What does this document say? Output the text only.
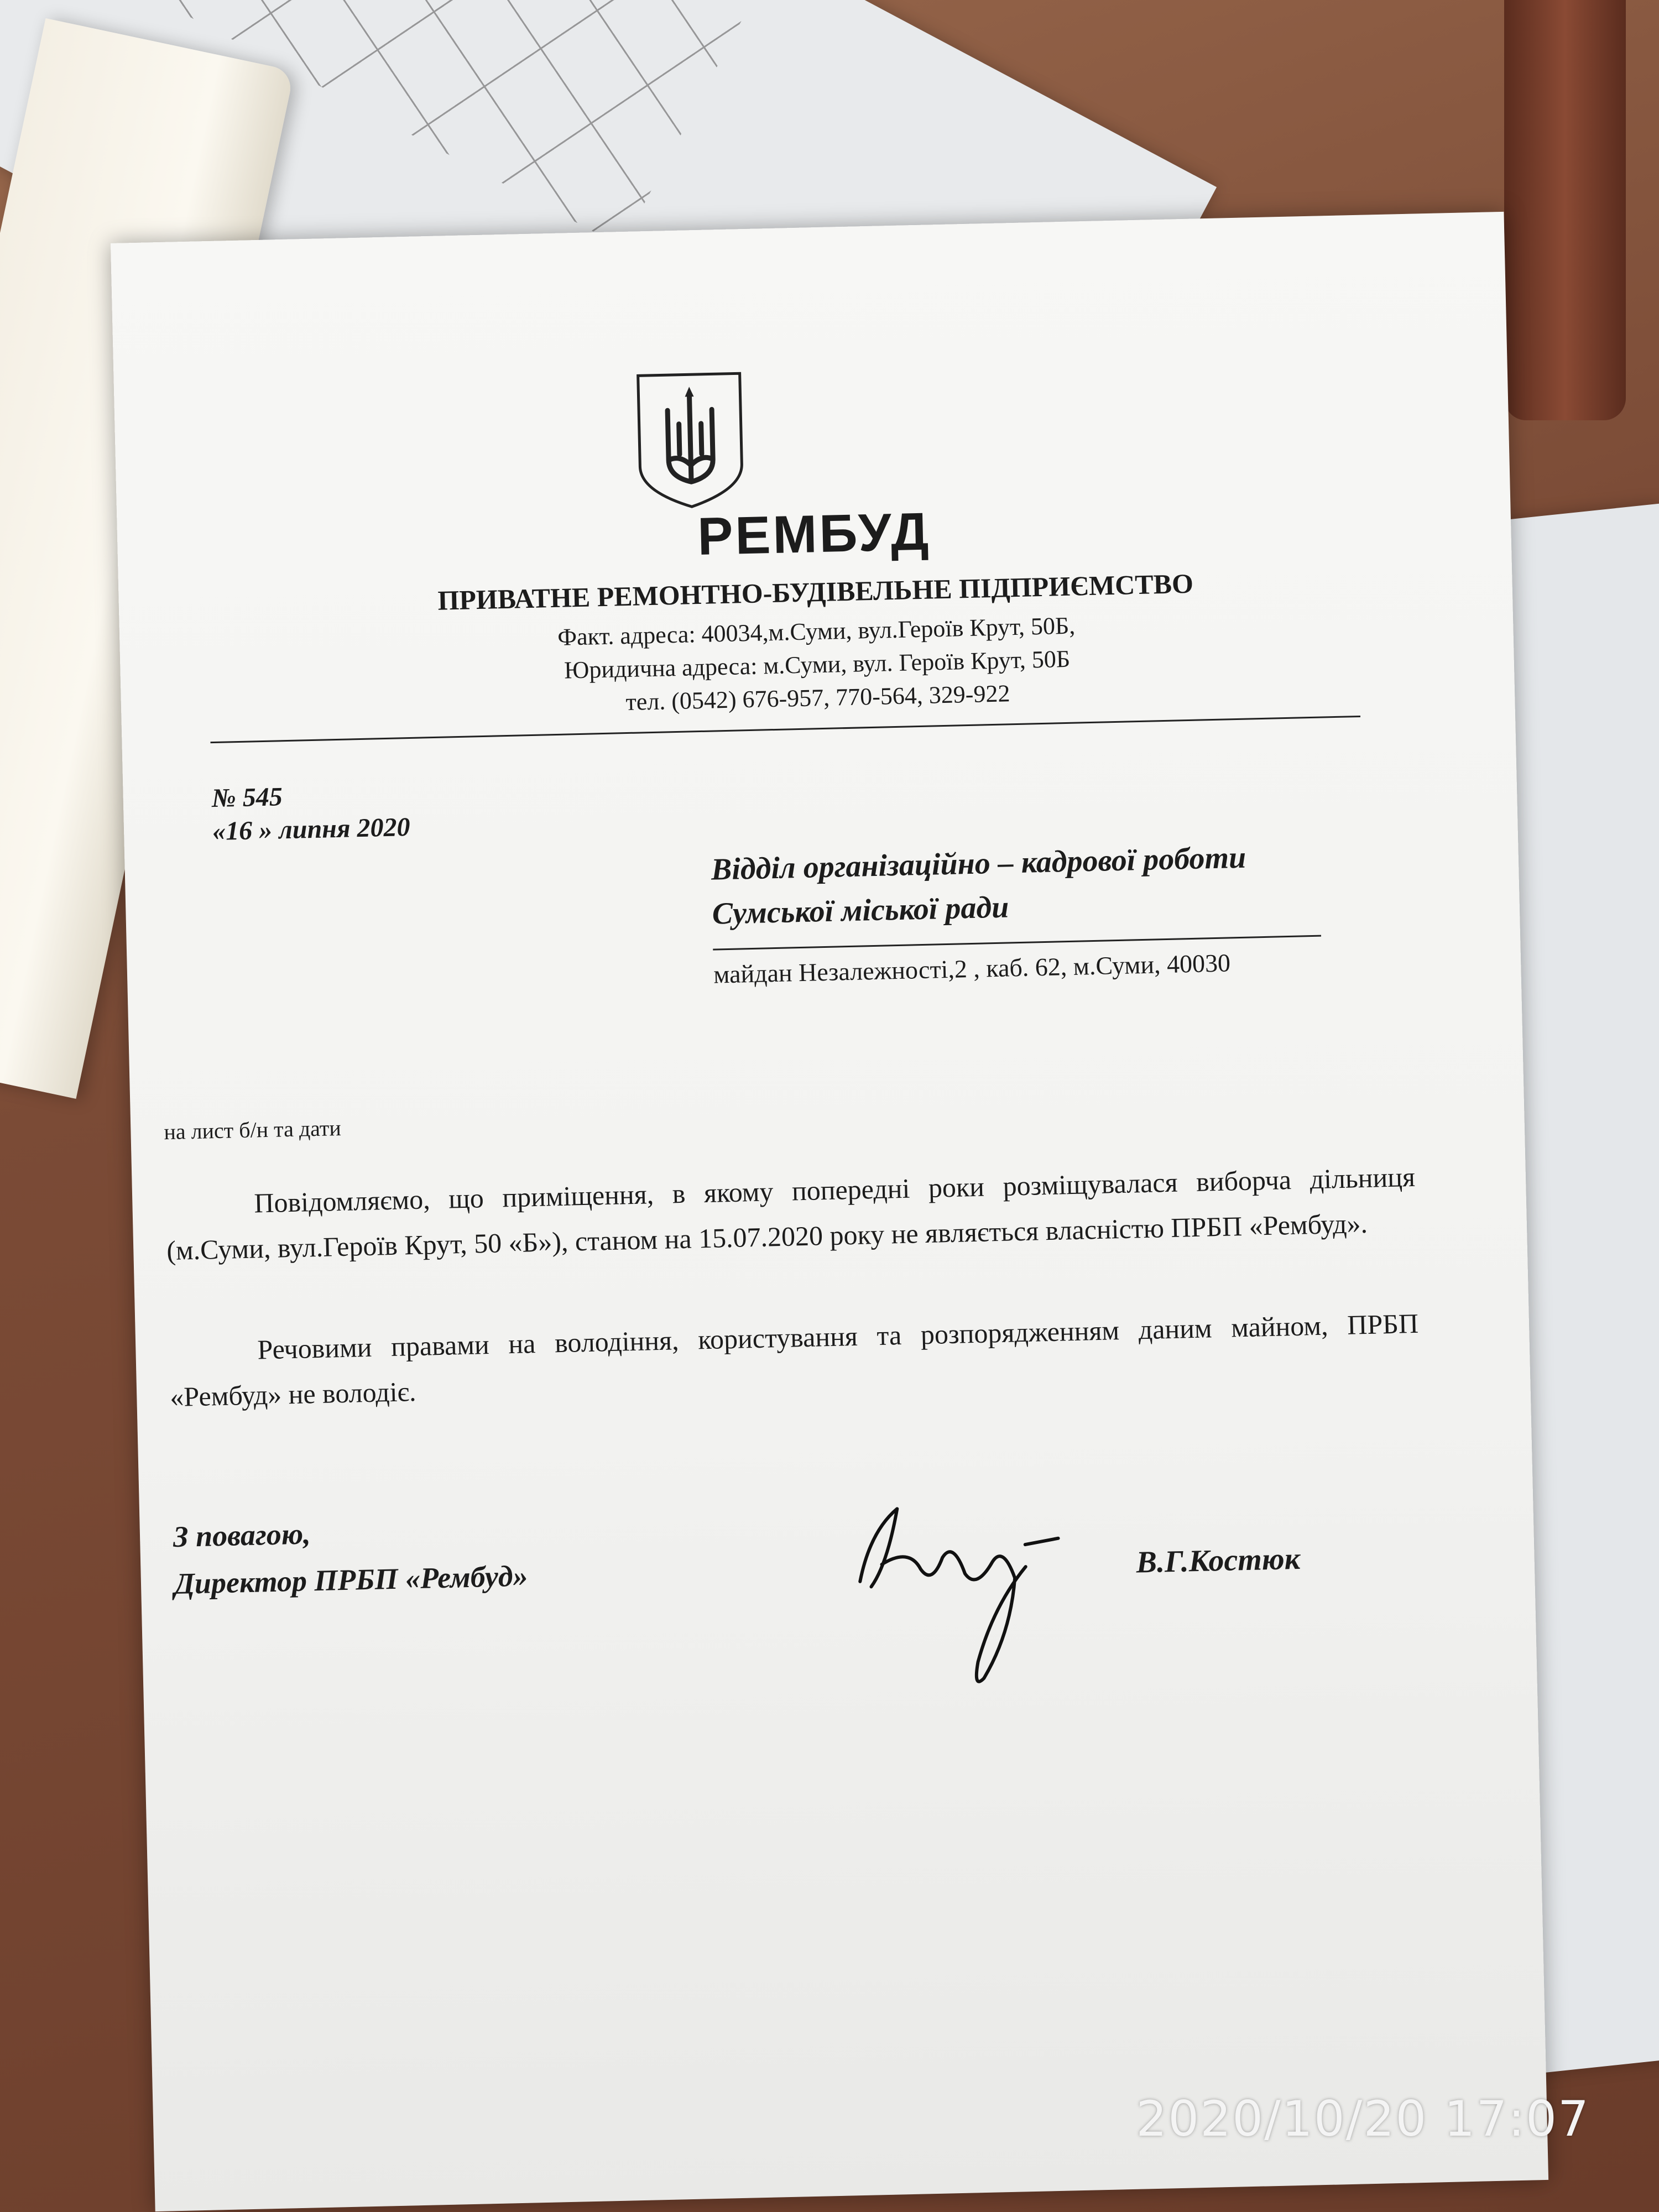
РЕМБУД
ПРИВАТНЕ РЕМОНТНО-БУДІВЕЛЬНЕ ПІДПРИЄМСТВО
Факт. адреса: 40034,м.Суми, вул.Героїв Крут, 50Б,
Юридична адреса: м.Суми, вул. Героїв Крут, 50Б
тел. (0542) 676-957, 770-564, 329-922
№ 545
«16 » липня 2020
Відділ організаційно – кадрової роботи
Сумської міської ради
майдан Незалежності,2 , каб. 62, м.Суми, 40030
на лист б/н та дати
Повідомляємо, що приміщення, в якому попередні роки розміщувалася виборча дільниця (м.Суми, вул.Героїв Крут, 50 «Б»), станом на 15.07.2020 року не являється власністю ПРБП «Рембуд».
Речовими правами на володіння, користування та розпорядженням даним майном, ПРБП «Рембуд» не володіє.
З повагою,
Директор ПРБП «Рембуд»	В.Г.Костюк
2020/10/20 17:07
